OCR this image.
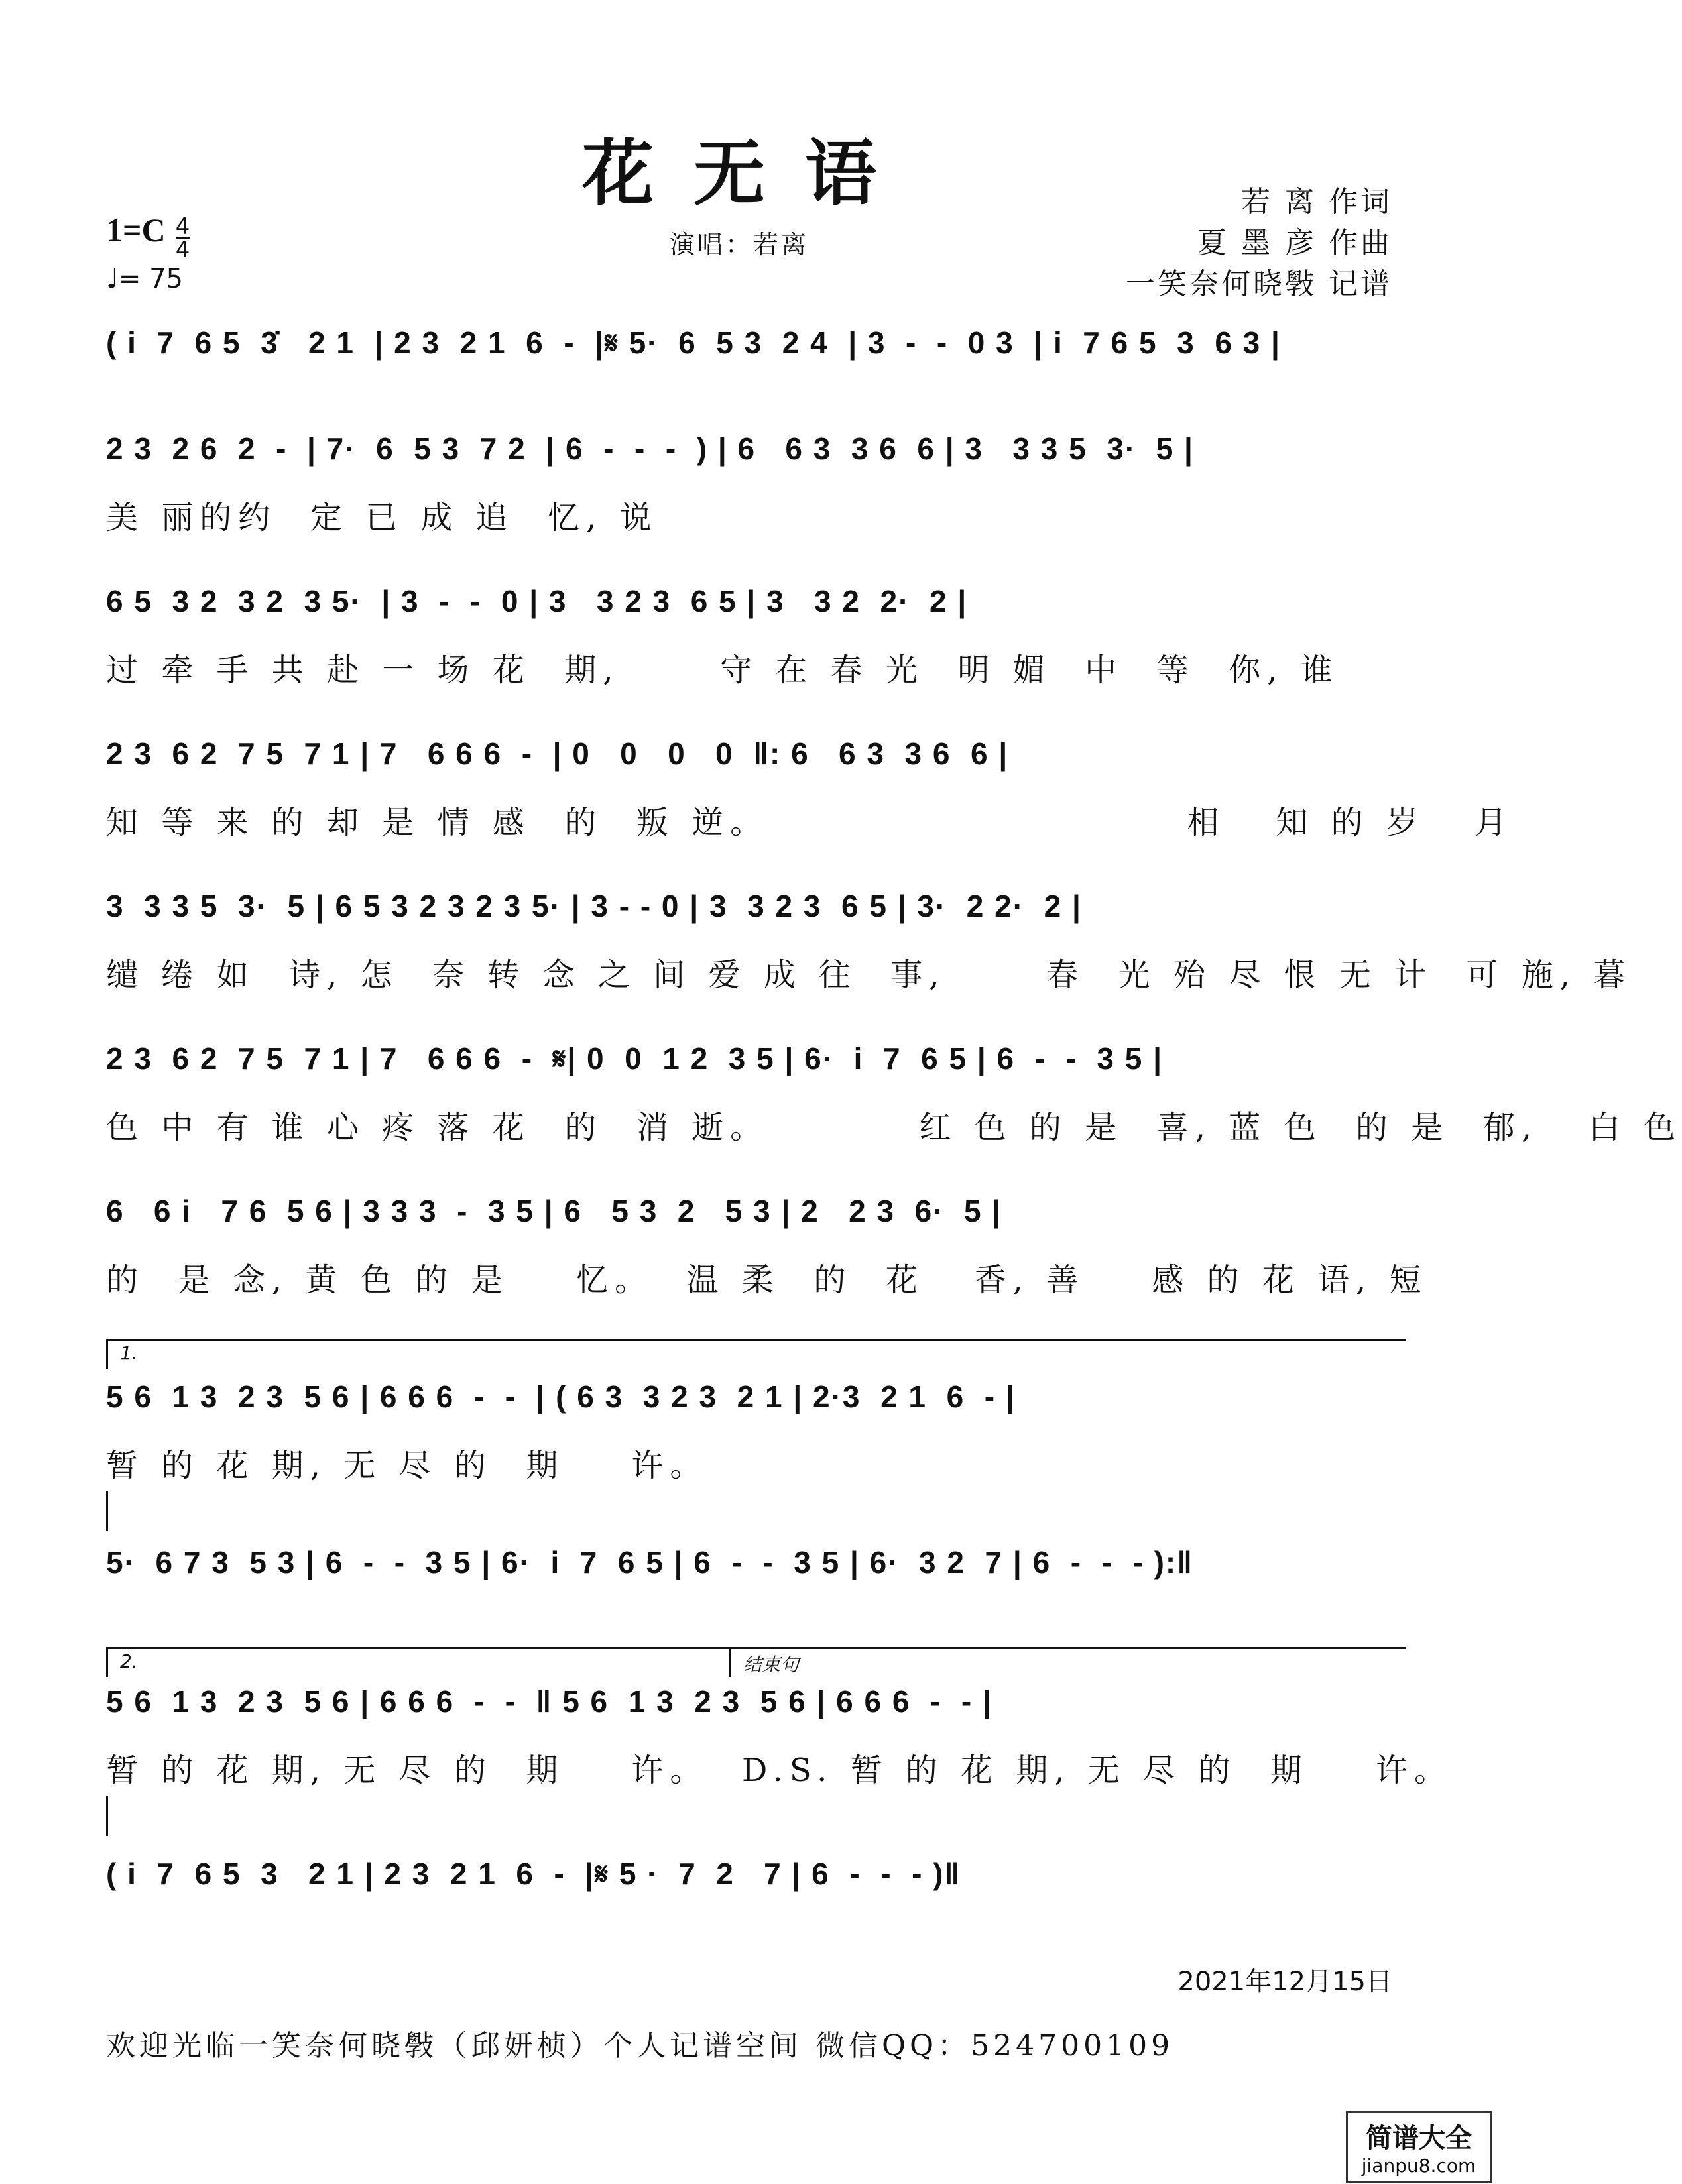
花无语	若 离 作词
夏 墨 彦 作曲
一笑奈何晓斅 记谱
$1=C \frac{4}{4}$
♩= 75
演唱：若离
( i  7  6 5  3̇   2 1  | 2 3  2 1  6  -  |𝄋 5·  6  5 3  2 4  | 3  -  -  0 3  | i  7 6 5  3  6 3 |
2 3  2 6  2  -  | 7·  6  5 3  7 2  | 6  -  -  -  ) | 6   6 3  3 6  6 | 3   3 3 5  3·  5 |
美 丽的约  定 已 成 追  忆, 说
6 5  3 2  3 2  3 5·  | 3  -  -  0 | 3   3 2 3  6 5 | 3   3 2  2·  2 |
过 牵 手 共 赴 一 场 花  期,      守 在 春 光  明 媚  中  等  你, 谁
2 3  6 2  7 5  7 1 | 7   6 6 6  -  | 0   0   0   0  ‖: 6   6 3  3 6  6 |
知 等 来 的 却 是 情 感  的  叛 逆。                         相   知 的 岁   月
3  3 3 5  3·  5 | 6 5 3 2 3 2 3 5· | 3 - - 0 | 3  3 2 3  6 5 | 3·  2 2·  2 |
缱 绻 如  诗, 怎  奈 转 念 之 间 爱 成 往  事,      春  光 殆 尽 恨 无 计  可 施, 暮
2 3  6 2  7 5  7 1 | 7   6 6 6  -  𝄋| 0  0  1 2  3 5 | 6·  i  7  6 5 | 6  -  -  3 5 |
色 中 有 谁 心 疼 落 花  的  消 逝。         红 色 的 是  喜, 蓝 色  的 是  郁,   白 色
6   6 i   7 6  5 6 | 3 3 3  -  3 5 | 6   5 3  2   5 3 | 2   2 3  6·  5 |
的  是 念, 黄 色 的 是    忆。  温 柔  的  花   香, 善    感 的 花 语, 短
1.
5 6  1 3  2 3  5 6 | 6 6 6  -  -  | ( 6 3  3 2 3  2 1 | 2·3  2 1  6  - |
暂 的 花 期, 无 尽 的  期    许。
5·  6 7 3  5 3 | 6  -  -  3 5 | 6·  i  7  6 5 | 6  -  -  3 5 | 6·  3 2  7 | 6  -  -  - ):‖
2.	结束句
5 6  1 3  2 3  5 6 | 6 6 6  -  -  ‖ 5 6  1 3  2 3  5 6 | 6 6 6  -  - |
暂 的 花 期, 无 尽 的  期    许。  D.S. 暂 的 花 期, 无 尽 的  期    许。
( i  7  6 5  3   2 1 | 2 3  2 1  6  -  |𝄋 5 ·  7  2   7 | 6  -  -  - )‖
2021年12月15日
欢迎光临一笑奈何晓斅（邱妍桢）个人记谱空间 微信QQ：524700109
简谱大全
jianpu8.com
